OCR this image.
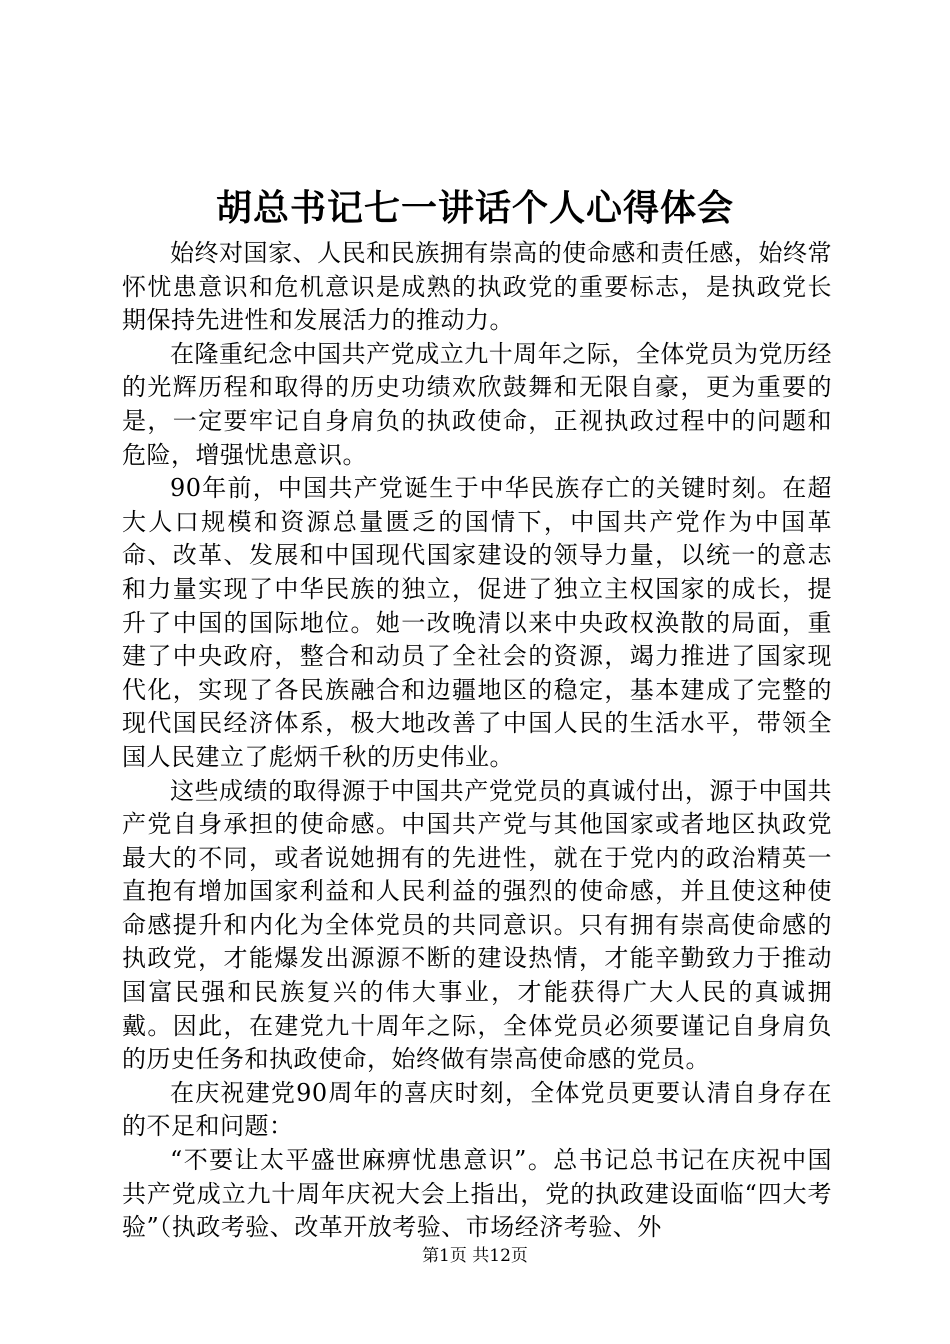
胡总书记七一讲话个人心得体会

始终对国家、人民和民族拥有崇高的使命感和责任感，始终常怀忧患意识和危机意识是成熟的执政党的重要标志，是执政党长期保持先进性和发展活力的推动力。

在隆重纪念中国共产党成立九十周年之际，全体党员为党历经的光辉历程和取得的历史功绩欢欣鼓舞和无限自豪，更为重要的是，一定要牢记自身肩负的执政使命，正视执政过程中的问题和危险，增强忧患意识。

90年前，中国共产党诞生于中华民族存亡的关键时刻。在超大人口规模和资源总量匮乏的国情下，中国共产党作为中国革命、改革、发展和中国现代国家建设的领导力量，以统一的意志和力量实现了中华民族的独立，促进了独立主权国家的成长，提升了中国的国际地位。她一改晚清以来中央政权涣散的局面，重建了中央政府，整合和动员了全社会的资源，竭力推进了国家现代化，实现了各民族融合和边疆地区的稳定，基本建成了完整的现代国民经济体系，极大地改善了中国人民的生活水平，带领全国人民建立了彪炳千秋的历史伟业。

这些成绩的取得源于中国共产党党员的真诚付出，源于中国共产党自身承担的使命感。中国共产党与其他国家或者地区执政党最大的不同，或者说她拥有的先进性，就在于党内的政治精英一直抱有增加国家利益和人民利益的强烈的使命感，并且使这种使命感提升和内化为全体党员的共同意识。只有拥有崇高使命感的执政党，才能爆发出源源不断的建设热情，才能辛勤致力于推动国富民强和民族复兴的伟大事业，才能获得广大人民的真诚拥戴。因此，在建党九十周年之际，全体党员必须要谨记自身肩负的历史任务和执政使命，始终做有崇高使命感的党员。

在庆祝建党90周年的喜庆时刻，全体党员更要认清自身存在的不足和问题：

“不要让太平盛世麻痹忧患意识”。总书记总书记在庆祝中国共产党成立九十周年庆祝大会上指出，党的执政建设面临“四大考验”（执政考验、改革开放考验、市场经济考验、外

第1页 共12页
